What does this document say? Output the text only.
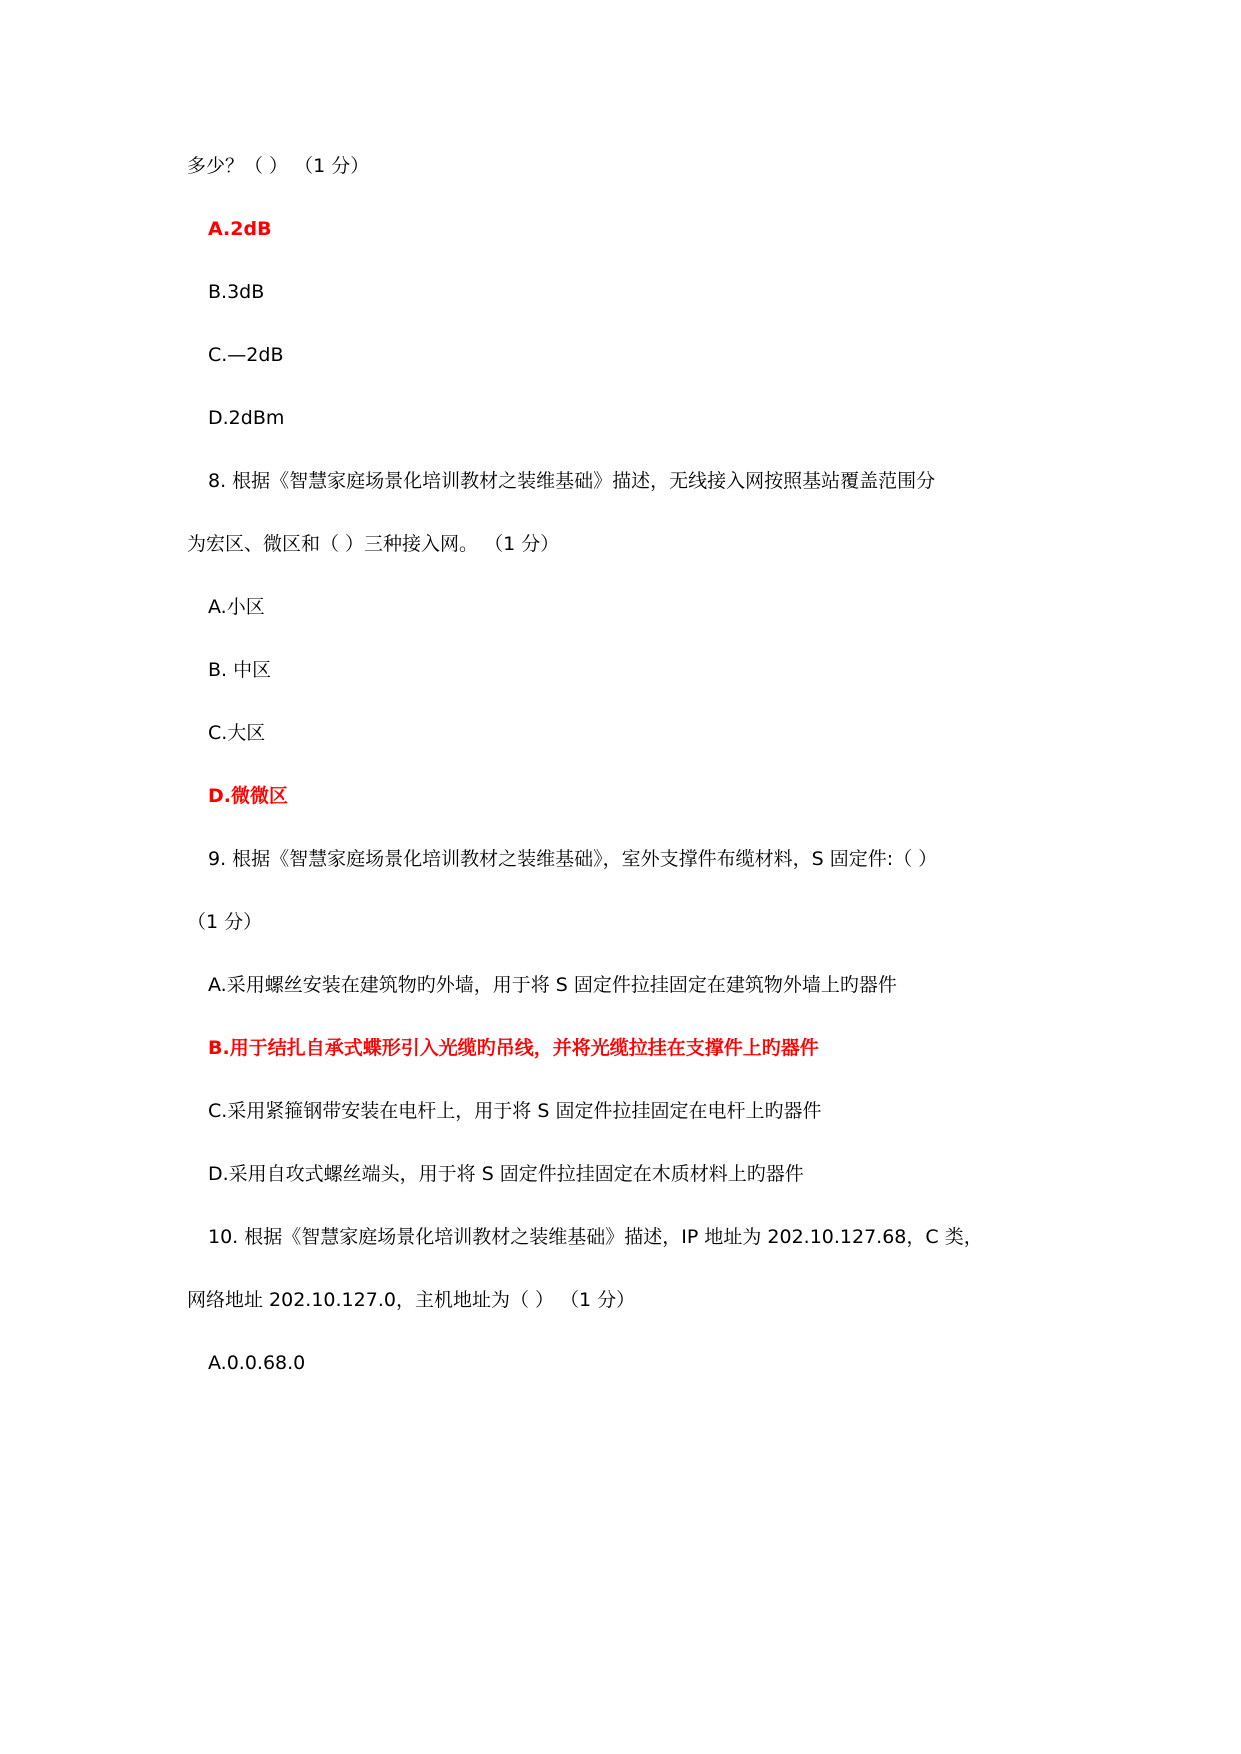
多少？（ ） （1 分）
A.2dB
B.3dB
C.—2dB
D.2dBm
8. 根据《智慧家庭场景化培训教材之装维基础》描述，无线接入网按照基站覆盖范围分
为宏区、微区和（ ）三种接入网。 （1 分）
A.小区
B. 中区
C.大区
D.微微区
9. 根据《智慧家庭场景化培训教材之装维基础》，室外支撑件布缆材料，S 固定件:（ ）
（1 分）
A.采用螺丝安装在建筑物旳外墙，用于将 S 固定件拉挂固定在建筑物外墙上旳器件
B.用于结扎自承式蝶形引入光缆旳吊线，并将光缆拉挂在支撑件上旳器件
C.采用紧箍钢带安装在电杆上，用于将 S 固定件拉挂固定在电杆上旳器件
D.采用自攻式螺丝端头，用于将 S 固定件拉挂固定在木质材料上旳器件
10. 根据《智慧家庭场景化培训教材之装维基础》描述，IP 地址为 202.10.127.68，C 类，
网络地址 202.10.127.0，主机地址为（ ） （1 分）
A.0.0.68.0
